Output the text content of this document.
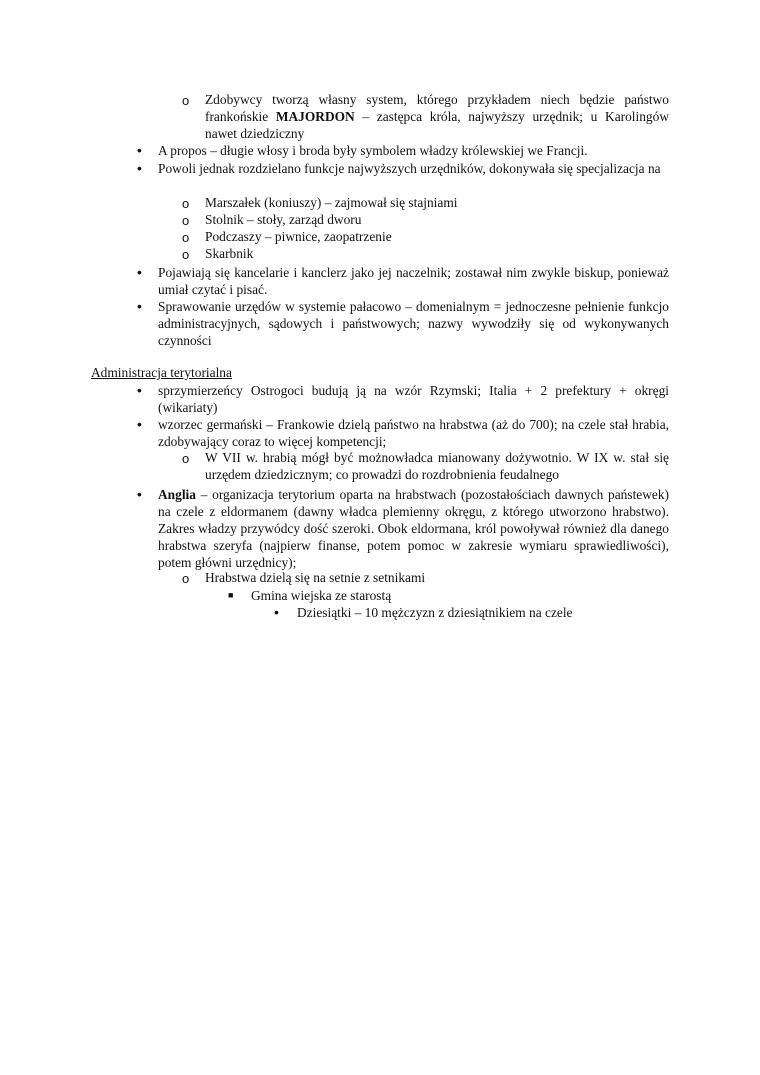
o Zdobywcy tworzą własny system, którego przykładem niech będzie państwo frankońskie MAJORDON – zastępca króla, najwyższy urzędnik; u Karolingów nawet dziedziczny
• A propos – długie włosy i broda były symbolem władzy królewskiej we Francji.
• Powoli jednak rozdzielano funkcje najwyższych urzędników, dokonywała się specjalizacja na
o Marszałek (koniuszy) – zajmował się stajniami
o Stolnik – stoły, zarząd dworu
o Podczaszy – piwnice, zaopatrzenie
o Skarbnik
• Pojawiają się kancelarie i kanclerz jako jej naczelnik; zostawał nim zwykle biskup, ponieważ umiał czytać i pisać.
• Sprawowanie urzędów w systemie pałacowo – domenialnym = jednoczesne pełnienie funkcjo administracyjnych, sądowych i państwowych; nazwy wywodziły się od wykonywanych czynności
Administracja terytorialna
• sprzymierzeńcy Ostrogoci budują ją na wzór Rzymski; Italia + 2 prefektury + okręgi (wikariaty)
• wzorzec germański – Frankowie dzielą państwo na hrabstwa (aż do 700); na czele stał hrabia, zdobywający coraz to więcej kompetencji;
o W VII w. hrabią mógł być możnowładca mianowany dożywotnio. W IX w. stał się urzędem dziedzicznym; co prowadzi do rozdrobnienia feudalnego
• Anglia – organizacja terytorium oparta na hrabstwach (pozostałościach dawnych państewek) na czele z eldormanem (dawny władca plemienny okręgu, z którego utworzono hrabstwo). Zakres władzy przywódcy dość szeroki. Obok eldormana, król powoływał również dla danego hrabstwa szeryfa (najpierw finanse, potem pomoc w zakresie wymiaru sprawiedliwości), potem główni urzędnicy);
o Hrabstwa dzielą się na setnie z setnikami
■ Gmina wiejska ze starostą
• Dziesiątki – 10 mężczyzn z dziesiątnikiem na czele
